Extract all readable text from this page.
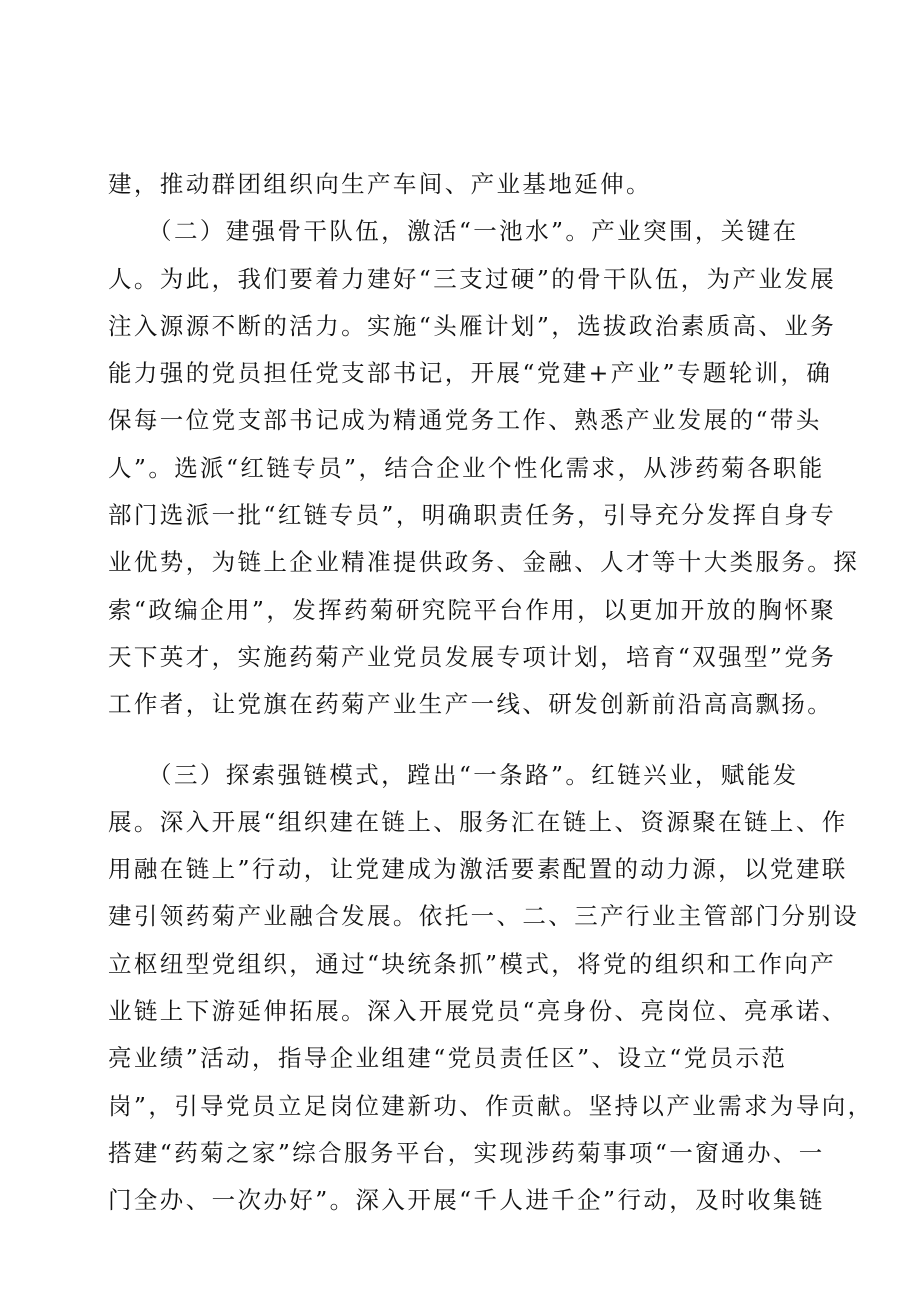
建，推动群团组织向生产车间、产业基地延伸。
　　（二）建强骨干队伍，激活“一池水”。产业突围，关键在
人。为此，我们要着力建好“三支过硬”的骨干队伍，为产业发展
注入源源不断的活力。实施“头雁计划”，选拔政治素质高、业务
能力强的党员担任党支部书记，开展“党建+产业”专题轮训，确
保每一位党支部书记成为精通党务工作、熟悉产业发展的“带头
人”。选派“红链专员”，结合企业个性化需求，从涉药菊各职能
部门选派一批“红链专员”，明确职责任务，引导充分发挥自身专
业优势，为链上企业精准提供政务、金融、人才等十大类服务。探
索“政编企用”，发挥药菊研究院平台作用，以更加开放的胸怀聚
天下英才，实施药菊产业党员发展专项计划，培育“双强型”党务
工作者，让党旗在药菊产业生产一线、研发创新前沿高高飘扬。
　　（三）探索强链模式，蹚出“一条路”。红链兴业，赋能发
展。深入开展“组织建在链上、服务汇在链上、资源聚在链上、作
用融在链上”行动，让党建成为激活要素配置的动力源，以党建联
建引领药菊产业融合发展。依托一、二、三产行业主管部门分别设
立枢纽型党组织，通过“块统条抓”模式，将党的组织和工作向产
业链上下游延伸拓展。深入开展党员“亮身份、亮岗位、亮承诺、
亮业绩”活动，指导企业组建“党员责任区”、设立“党员示范
岗”，引导党员立足岗位建新功、作贡献。坚持以产业需求为导向，
搭建“药菊之家”综合服务平台，实现涉药菊事项“一窗通办、一
门全办、一次办好”。深入开展“千人进千企”行动，及时收集链
